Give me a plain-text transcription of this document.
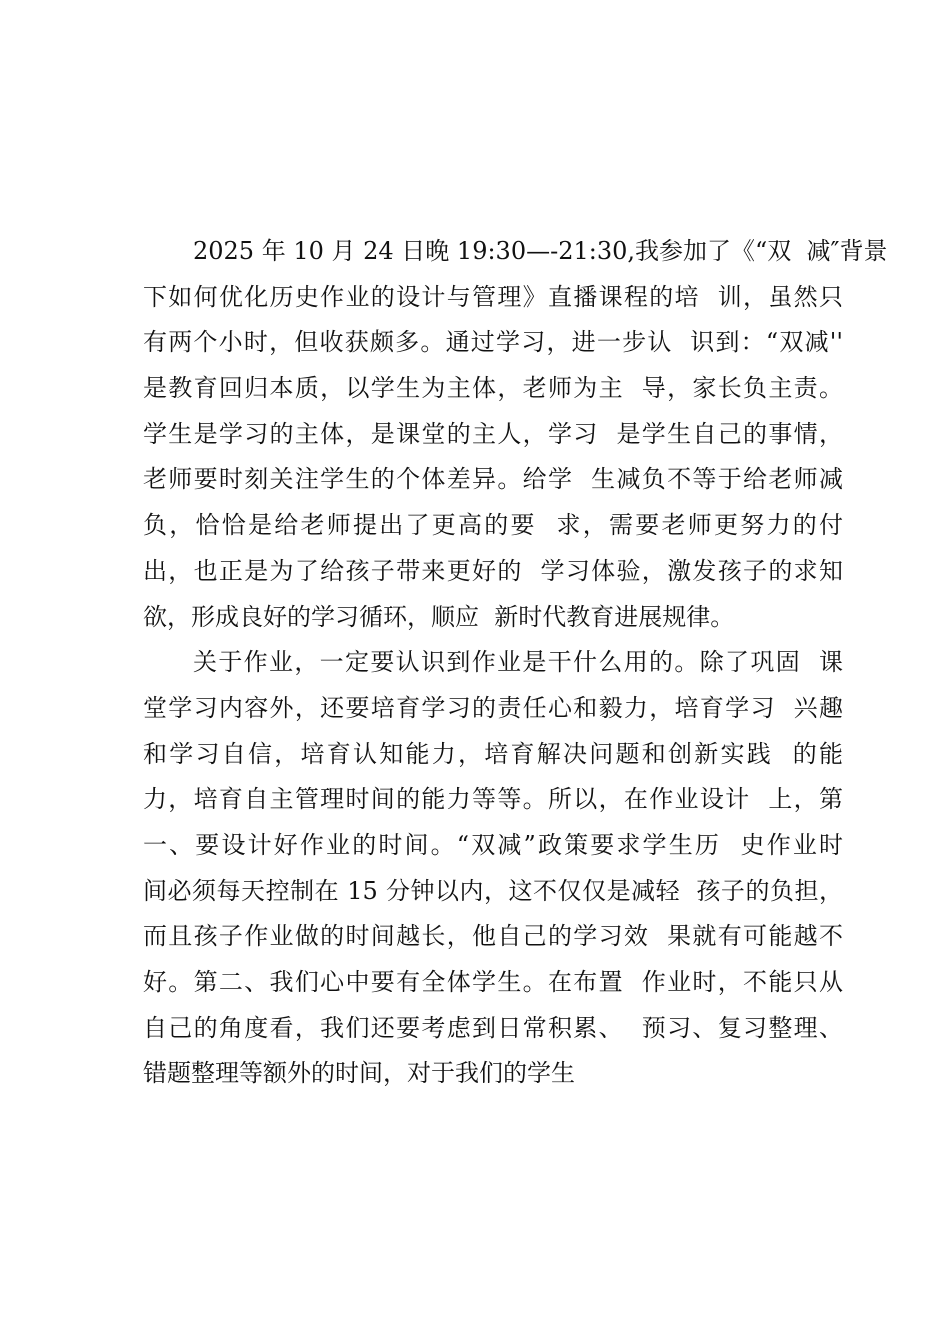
2025 年 10 月 24 日晚 19:30—-21:30,我参加了《“双  减″背景
下如何优化历史作业的设计与管理》直播课程的培  训，虽然只
有两个小时，但收获颇多。通过学习，进一步认  识到：“双减''
是教育回归本质，以学生为主体，老师为主  导，家长负主责。
学生是学习的主体，是课堂的主人，学习  是学生自己的事情，
老师要时刻关注学生的个体差异。给学  生减负不等于给老师减
负，恰恰是给老师提出了更高的要  求，需要老师更努力的付
出，也正是为了给孩子带来更好的  学习体验，激发孩子的求知
欲，形成良好的学习循环，顺应  新时代教育进展规律。
关于作业，一定要认识到作业是干什么用的。除了巩固  课
堂学习内容外，还要培育学习的责任心和毅力，培育学习  兴趣
和学习自信，培育认知能力，培育解决问题和创新实践  的能
力，培育自主管理时间的能力等等。所以，在作业设计  上，第
一、要设计好作业的时间。“双减”政策要求学生历  史作业时
间必须每天控制在 15 分钟以内，这不仅仅是减轻  孩子的负担，
而且孩子作业做的时间越长，他自己的学习效  果就有可能越不
好。第二、我们心中要有全体学生。在布置  作业时，不能只从
自己的角度看，我们还要考虑到日常积累、  预习、复习整理、
错题整理等额外的时间，对于我们的学生
